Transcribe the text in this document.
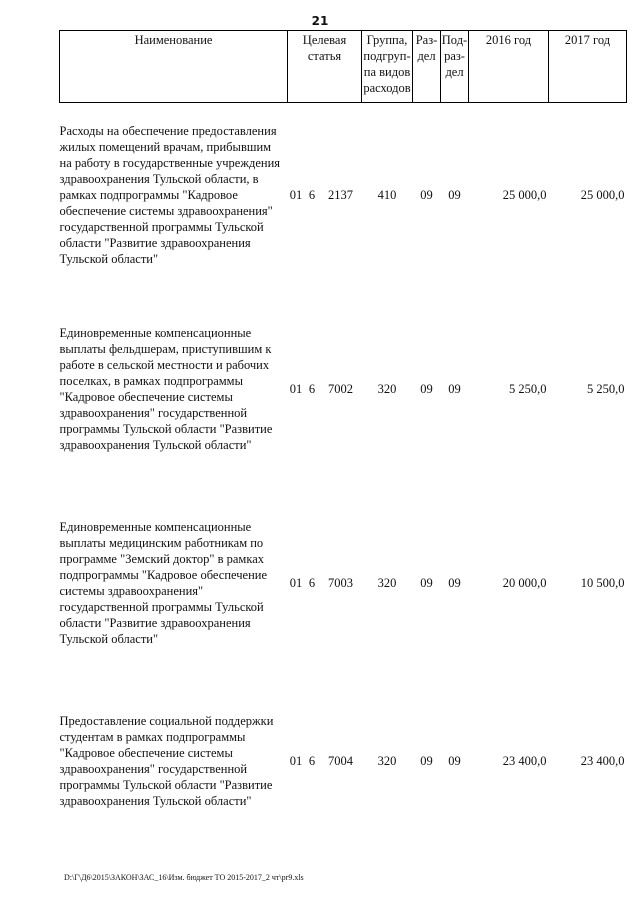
21
Наименование	Целевая статья			Группа, подгруп- па видов расходов	Раз- дел	Под- раз- дел	2016 год	2017 год

Расходы на обеспечение предоставления жилых помещений врачам, прибывшим на работу в государственные учреждения здравоохранения Тульской области, в рамках подпрограммы "Кадровое обеспечение системы здравоохранения" государственной программы Тульской области "Развитие здравоохранения Тульской области"	01	6	2137	410	09	09	25 000,0	25 000,0

Единовременные компенсационные выплаты фельдшерам, приступившим к работе в сельской местности и рабочих поселках, в рамках подпрограммы "Кадровое обеспечение системы здравоохранения" государственной программы Тульской области "Развитие здравоохранения Тульской области"	01	6	7002	320	09	09	5 250,0	5 250,0

Единовременные компенсационные выплаты медицинским работникам по программе "Земский доктор" в рамках подпрограммы "Кадровое обеспечение системы здравоохранения" государственной программы Тульской области "Развитие здравоохранения Тульской области"	01	6	7003	320	09	09	20 000,0	10 500,0

Предоставление социальной поддержки студентам в рамках подпрограммы "Кадровое обеспечение системы здравоохранения" государственной программы Тульской области "Развитие здравоохранения Тульской области"	01	6	7004	320	09	09	23 400,0	23 400,0
D:\Г\Д6\2015\ЗАКОН\ЗАС_16\Изм. бюджет ТО 2015-2017_2 чт\pr9.xls
